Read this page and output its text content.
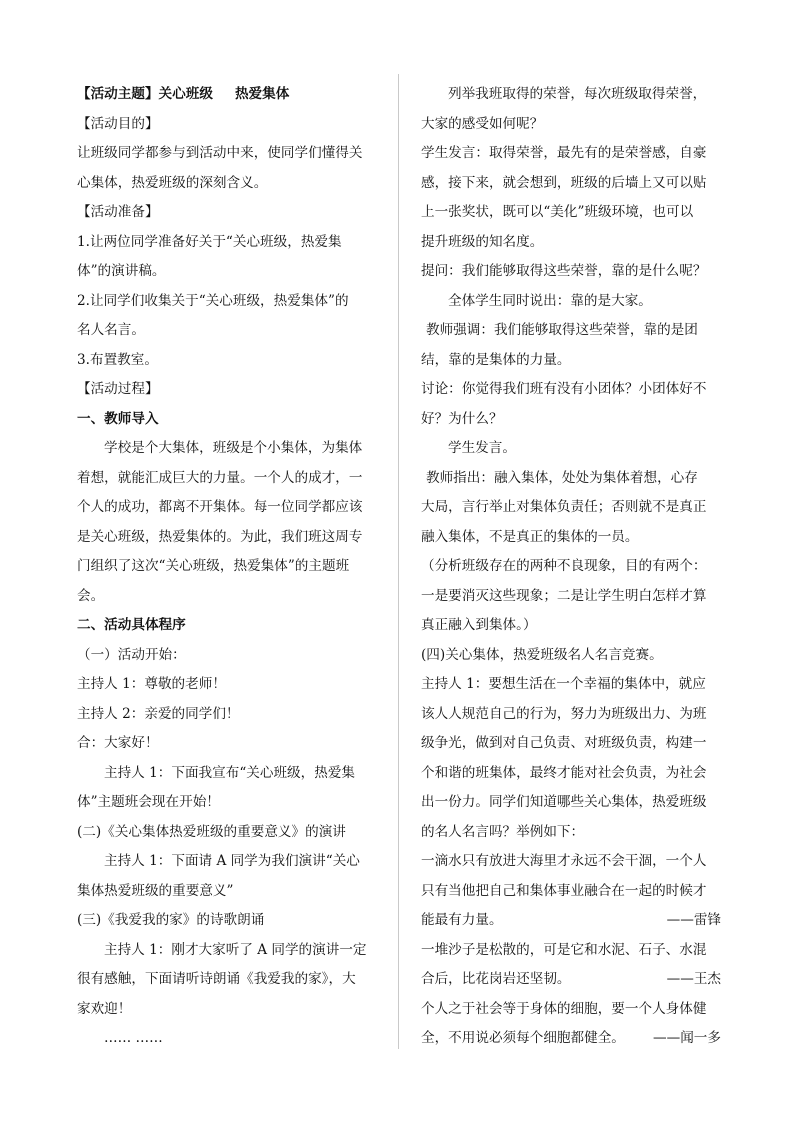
【活动主题】关心班级 热爱集体
【活动目的】
让班级同学都参与到活动中来，使同学们懂得关
心集体，热爱班级的深刻含义。
【活动准备】
1.让两位同学准备好关于“关心班级，热爱集
体”的演讲稿。
2.让同学们收集关于“关心班级，热爱集体”的
名人名言。
3.布置教室。
【活动过程】
一、教师导入
学校是个大集体，班级是个小集体，为集体
着想，就能汇成巨大的力量。一个人的成才，一
个人的成功，都离不开集体。每一位同学都应该
是关心班级，热爱集体的。为此，我们班这周专
门组织了这次“关心班级，热爱集体”的主题班
会。
二、活动具体程序
（一）活动开始：
主持人 1：尊敬的老师！
主持人 2：亲爱的同学们！
合：大家好！
主持人 1：下面我宣布“关心班级，热爱集
体”主题班会现在开始！
(二)《关心集体热爱班级的重要意义》的演讲
主持人 1：下面请 A 同学为我们演讲“关心
集体热爱班级的重要意义”
(三)《我爱我的家》的诗歌朗诵
主持人 1：刚才大家听了 A 同学的演讲一定
很有感触，下面请听诗朗诵《我爱我的家》，大
家欢迎！
…… ……
列举我班取得的荣誉，每次班级取得荣誉，
大家的感受如何呢？
学生发言：取得荣誉，最先有的是荣誉感，自豪
感，接下来，就会想到，班级的后墙上又可以贴
上一张奖状，既可以“美化”班级环境，也可以
提升班级的知名度。
提问：我们能够取得这些荣誉，靠的是什么呢？
全体学生同时说出：靠的是大家。
教师强调：我们能够取得这些荣誉，靠的是团
结，靠的是集体的力量。
讨论：你觉得我们班有没有小团体？小团体好不
好？为什么？
学生发言。
教师指出：融入集体，处处为集体着想，心存
大局，言行举止对集体负责任；否则就不是真正
融入集体，不是真正的集体的一员。
（分析班级存在的两种不良现象，目的有两个：
一是要消灭这些现象；二是让学生明白怎样才算
真正融入到集体。）
(四)关心集体，热爱班级名人名言竞赛。
主持人 1：要想生活在一个幸福的集体中，就应
该人人规范自己的行为，努力为班级出力、为班
级争光，做到对自己负责、对班级负责，构建一
个和谐的班集体，最终才能对社会负责，为社会
出一份力。同学们知道哪些关心集体，热爱班级
的名人名言吗？举例如下：
一滴水只有放进大海里才永远不会干涸，一个人
只有当他把自己和集体事业融合在一起的时候才
能最有力量。	——雷锋
一堆沙子是松散的，可是它和水泥、石子、水混
合后，比花岗岩还坚韧。	——王杰
个人之于社会等于身体的细胞，要一个人身体健
全，不用说必须每个细胞都健全。 ——闻一多
